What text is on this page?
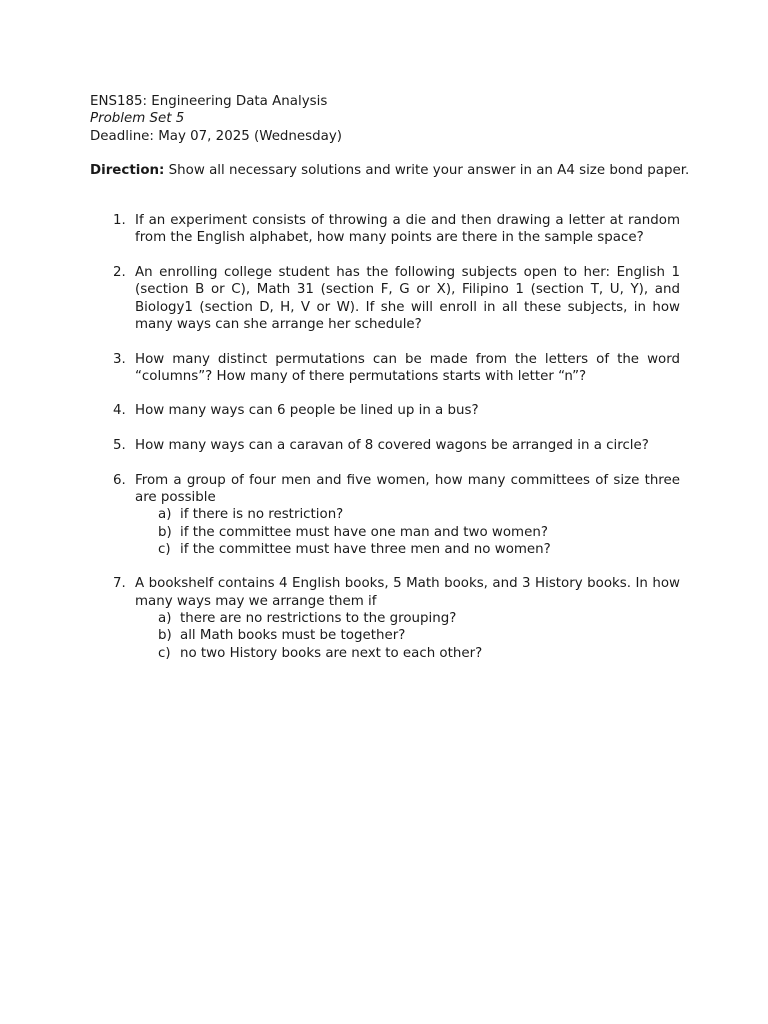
ENS185: Engineering Data Analysis
Problem Set 5
Deadline: May 07, 2025 (Wednesday)
Direction: Show all necessary solutions and write your answer in an A4 size bond paper.
1. If an experiment consists of throwing a die and then drawing a letter at random from the English alphabet, how many points are there in the sample space?
2. An enrolling college student has the following subjects open to her: English 1 (section B or C), Math 31 (section F, G or X), Filipino 1 (section T, U, Y), and Biology1 (section D, H, V or W). If she will enroll in all these subjects, in how many ways can she arrange her schedule?
3. How many distinct permutations can be made from the letters of the word “columns”? How many of there permutations starts with letter “n”?
4. How many ways can 6 people be lined up in a bus?
5. How many ways can a caravan of 8 covered wagons be arranged in a circle?
6. From a group of four men and five women, how many committees of size three are possible
a) if there is no restriction?
b) if the committee must have one man and two women?
c) if the committee must have three men and no women?
7. A bookshelf contains 4 English books, 5 Math books, and 3 History books. In how many ways may we arrange them if
a) there are no restrictions to the grouping?
b) all Math books must be together?
c) no two History books are next to each other?
